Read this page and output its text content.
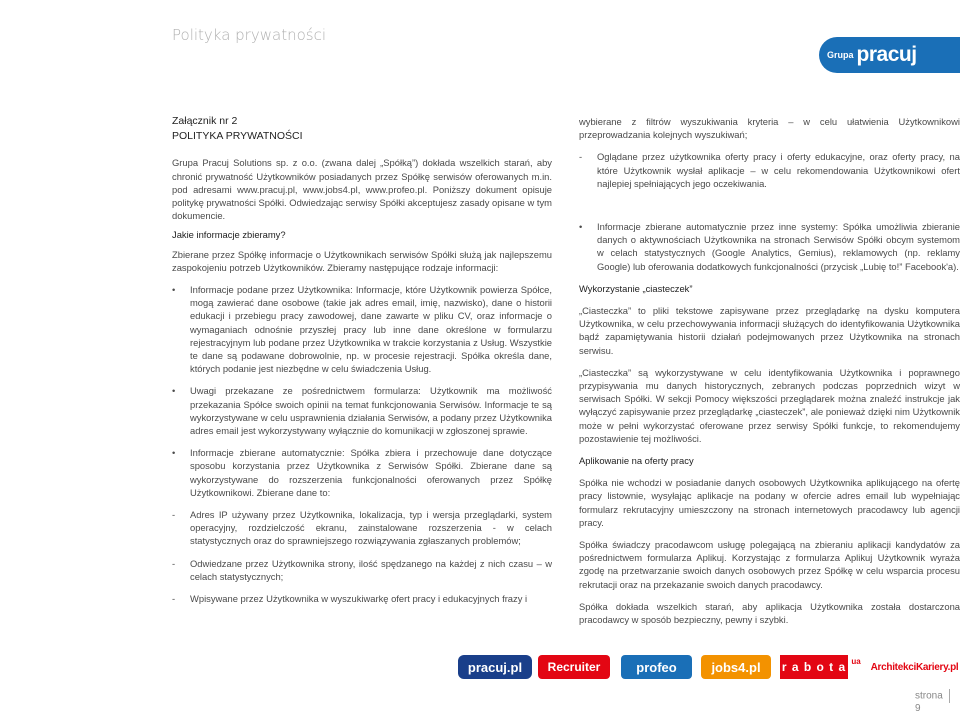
Polityka prywatności
Grupa pracuj

Załącznik nr 2

POLITYKA PRYWATNOŚCI

Grupa Pracuj Solutions sp. z o.o. (zwana dalej „Spółką”) dokłada wszelkich starań, aby chronić prywatność Użytkowników posiadanych przez Spółkę serwisów oferowanych m.in. pod adresami www.pracuj.pl, www.jobs4.pl, www.profeo.pl. Poniższy dokument opisuje politykę prywatności Spółki. Odwiedzając serwisy Spółki akceptujesz zasady opisane w tym dokumencie.

Jakie informacje zbieramy?

Zbierane przez Spółkę informacje o Użytkownikach serwisów Spółki służą jak najlepszemu zaspokojeniu potrzeb Użytkowników. Zbieramy następujące rodzaje informacji:

• Informacje podane przez Użytkownika: Informacje, które Użytkownik powierza Spółce, mogą zawierać dane osobowe (takie jak adres email, imię, nazwisko), dane o historii edukacji i przebiegu pracy zawodowej, dane zawarte w pliku CV, oraz informacje o wymaganiach odnośnie przyszłej pracy lub inne dane określone w formularzu rejestracyjnym lub podane przez Użytkownika w trakcie korzystania z Usług. Wszystkie te dane są podawane dobrowolnie, np. w procesie rejestracji. Spółka określa dane, których podanie jest niezbędne w celu świadczenia Usług.

• Uwagi przekazane ze pośrednictwem formularza: Użytkownik ma możliwość przekazania Spółce swoich opinii na temat funkcjonowania Serwisów. Informacje te są wykorzystywane w celu usprawnienia działania Serwisów, a podany przez Użytkownika adres email jest wykorzystywany wyłącznie do komunikacji w zgłoszonej sprawie.

• Informacje zbierane automatycznie: Spółka zbiera i przechowuje dane dotyczące sposobu korzystania przez Użytkownika z Serwisów Spółki. Zbierane dane są wykorzystywane do rozszerzenia funkcjonalności oferowanych przez Spółkę Użytkownikowi. Zbierane dane to:

- Adres IP używany przez Użytkownika, lokalizacja, typ i wersja przeglądarki, system operacyjny, rozdzielczość ekranu, zainstalowane rozszerzenia - w celach statystycznych oraz do sprawniejszego rozwiązywania zgłaszanych problemów;

- Odwiedzane przez Użytkownika strony, ilość spędzanego na każdej z nich czasu – w celach statystycznych;

- Wpisywane przez Użytkownika w wyszukiwarkę ofert pracy i edukacyjnych frazy i

wybierane z filtrów wyszukiwania kryteria – w celu ułatwienia Użytkownikowi przeprowadzania kolejnych wyszukiwań;

- Oglądane przez użytkownika oferty pracy i oferty edukacyjne, oraz oferty pracy, na które Użytkownik wysłał aplikacje – w celu rekomendowania Użytkownikowi ofert najlepiej spełniających jego oczekiwania.

• Informacje zbierane automatycznie przez inne systemy: Spółka umożliwia zbieranie danych o aktywnościach Użytkownika na stronach Serwisów Spółki obcym systemom w celach statystycznych (Google Analytics, Gemius), reklamowych (np. reklamy Google) lub oferowania dodatkowych funkcjonalności (przycisk „Lubię to!” Facebook'a).

Wykorzystanie „ciasteczek”

„Ciasteczka” to pliki tekstowe zapisywane przez przeglądarkę na dysku komputera Użytkownika, w celu przechowywania informacji służących do identyfikowania Użytkownika bądź zapamiętywania historii działań podejmowanych przez Użytkownika na stronach serwisu.

„Ciasteczka” są wykorzystywane w celu identyfikowania Użytkownika i poprawnego przypisywania mu danych historycznych, zebranych podczas poprzednich wizyt w serwisach Spółki. W sekcji Pomocy większości przeglądarek można znaleźć instrukcje jak wyłączyć zapisywanie przez przeglądarkę „ciasteczek”, ale ponieważ dzięki nim Użytkownik może w pełni wykorzystać oferowane przez serwisy Spółki funkcje, to rekomendujemy pozostawienie tej możliwości.

Aplikowanie na oferty pracy

Spółka nie wchodzi w posiadanie danych osobowych Użytkownika aplikującego na ofertę pracy listownie, wysyłając aplikacje na podany w ofercie adres email lub wypełniając formularz rekrutacyjny umieszczony na stronach internetowych pracodawcy lub agencji pracy.

Spółka świadczy pracodawcom usługę polegającą na zbieraniu aplikacji kandydatów za pośrednictwem formularza Aplikuj. Korzystając z formularza Aplikuj Użytkownik wyraża zgodę na przetwarzanie swoich danych osobowych przez Spółkę w celu wsparcia procesu rekrutacji oraz na przekazanie swoich danych pracodawcy.

Spółka dokłada wszelkich starań, aby aplikacja Użytkownika została dostarczona pracodawcy w sposób bezpieczny, pewny i szybki.

pracuj.pl	Recruiter	profeo	jobs4.pl	r a b o t a ua
ArchitekciKariery.pl
strona9
